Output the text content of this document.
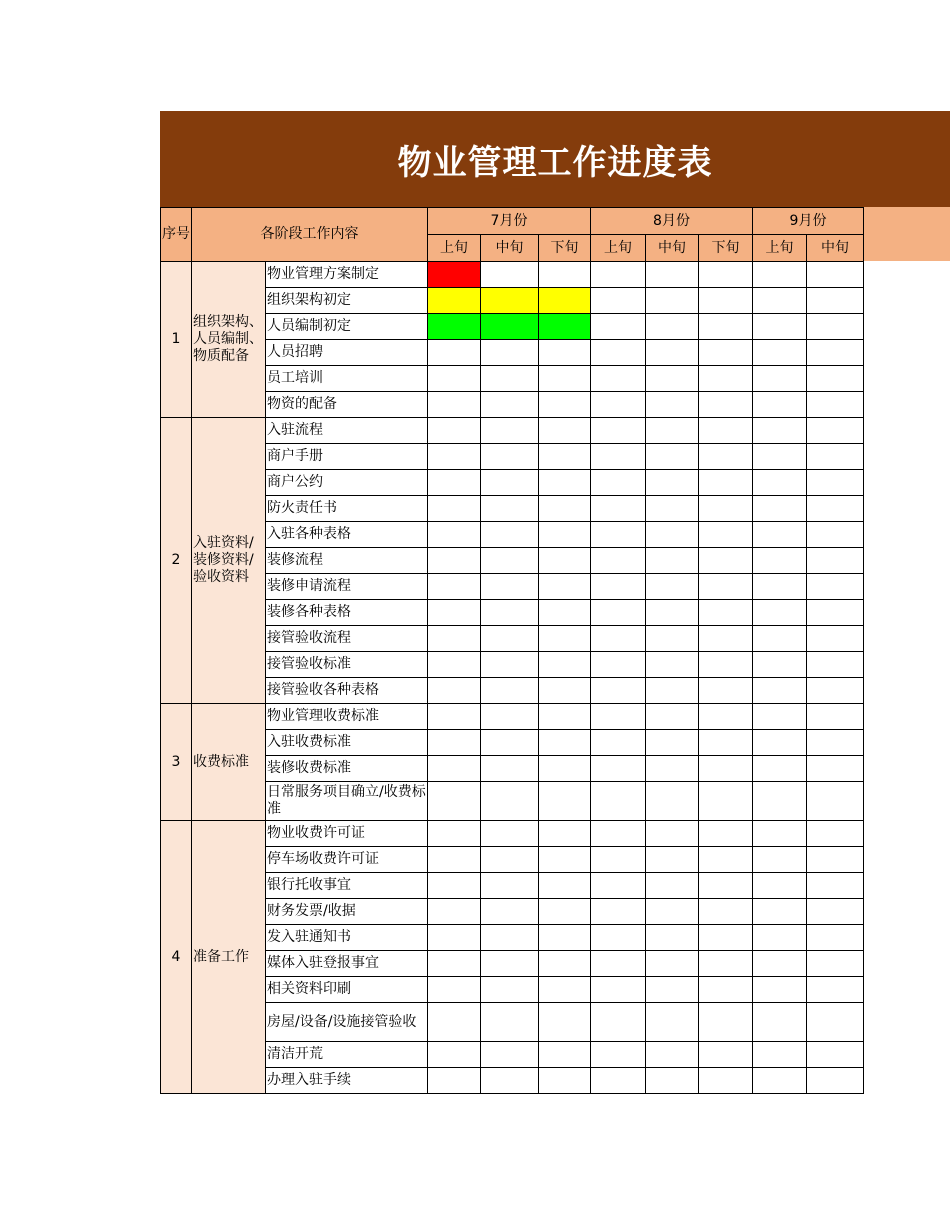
物业管理工作进度表
序号	各阶段工作内容		7月份			8月份			9月份	
			上旬	中旬	下旬	上旬	中旬	下旬	上旬	中旬
1	组织架构、人员编制、物质配备	物业管理方案制定								
		组织架构初定								
		人员编制初定								
		人员招聘								
		员工培训								
		物资的配备								
2	入驻资料/装修资料/验收资料	入驻流程								
		商户手册								
		商户公约								
		防火责任书								
		入驻各种表格								
		装修流程								
		装修申请流程								
		装修各种表格								
		接管验收流程								
		接管验收标准								
		接管验收各种表格								
3	收费标准	物业管理收费标准								
		入驻收费标准								
		装修收费标准								
		日常服务项目确立/收费标准								
4	准备工作	物业收费许可证								
		停车场收费许可证								
		银行托收事宜								
		财务发票/收据								
		发入驻通知书								
		媒体入驻登报事宜								
		相关资料印刷								
		房屋/设备/设施接管验收								
		清洁开荒								
		办理入驻手续								
